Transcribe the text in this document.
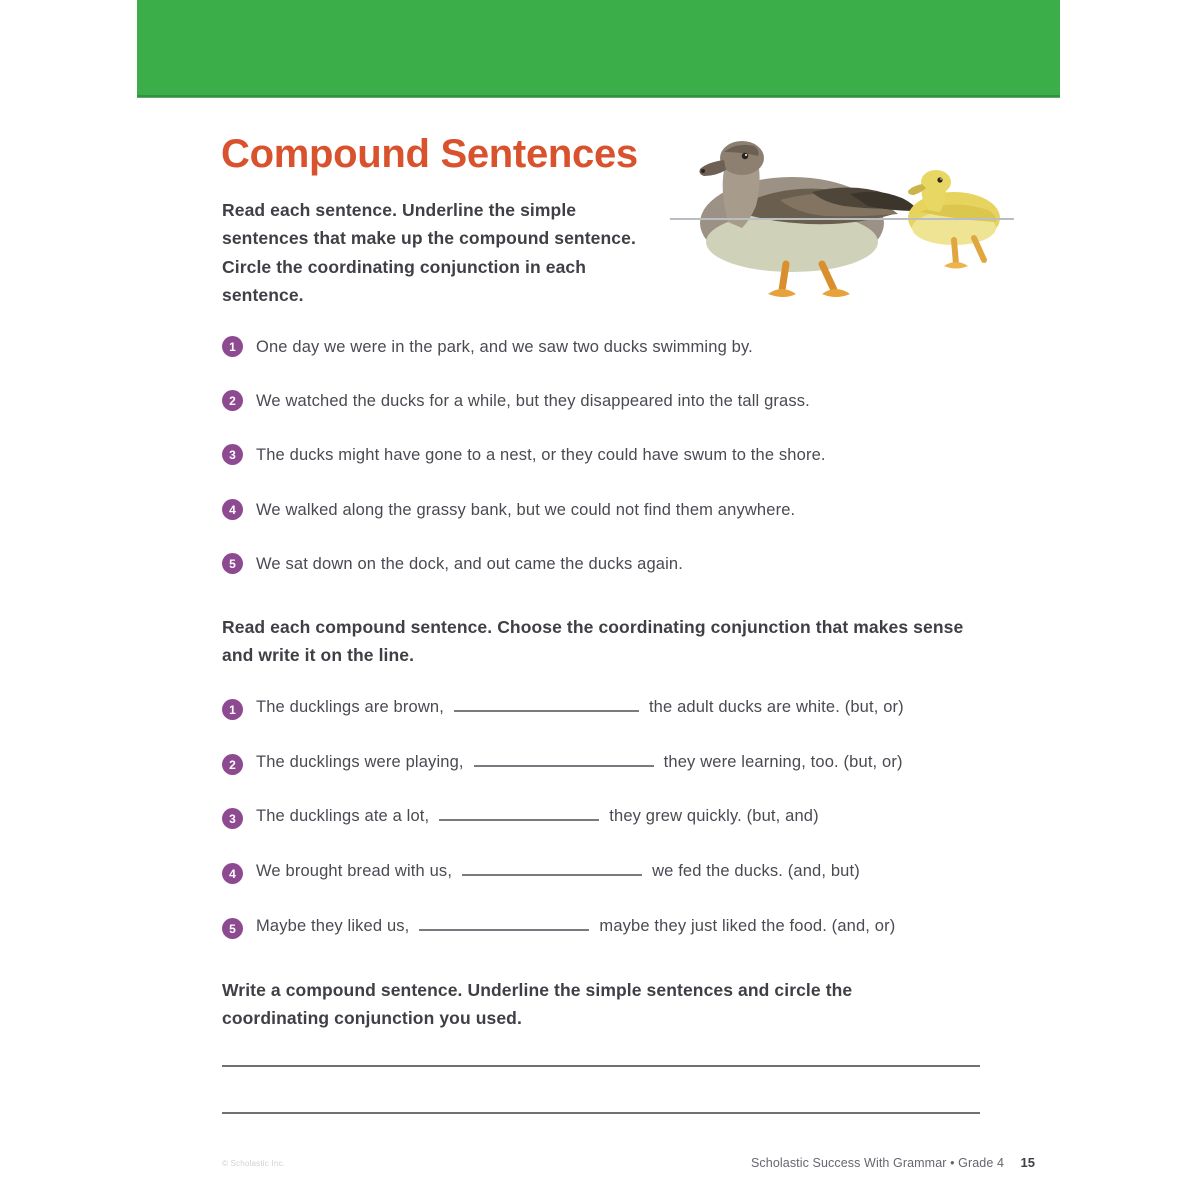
Practice
Compound Sentences

Read each sentence. Underline the simple sentences that make up the compound sentence. Circle the coordinating conjunction in each sentence.

1	One day we were in the park, and we saw two ducks swimming by.
2	We watched the ducks for a while, but they disappeared into the tall grass.
3	The ducks might have gone to a nest, or they could have swum to the shore.
4	We walked along the grassy bank, but we could not find them anywhere.
5	We sat down on the dock, and out came the ducks again.

Read each compound sentence. Choose the coordinating conjunction that makes sense and write it on the line.

1	The ducklings are brown,	the adult ducks are white. (but, or)
2	The ducklings were playing,	they were learning, too. (but, or)
3	The ducklings ate a lot,	they grew quickly. (but, and)
4	We brought bread with us,	we fed the ducks. (and, but)
5	Maybe they liked us,	maybe they just liked the food. (and, or)

Write a compound sentence. Underline the simple sentences and circle the coordinating conjunction you used.

© Scholastic Inc.	Scholastic Success With Grammar • Grade 4 15
